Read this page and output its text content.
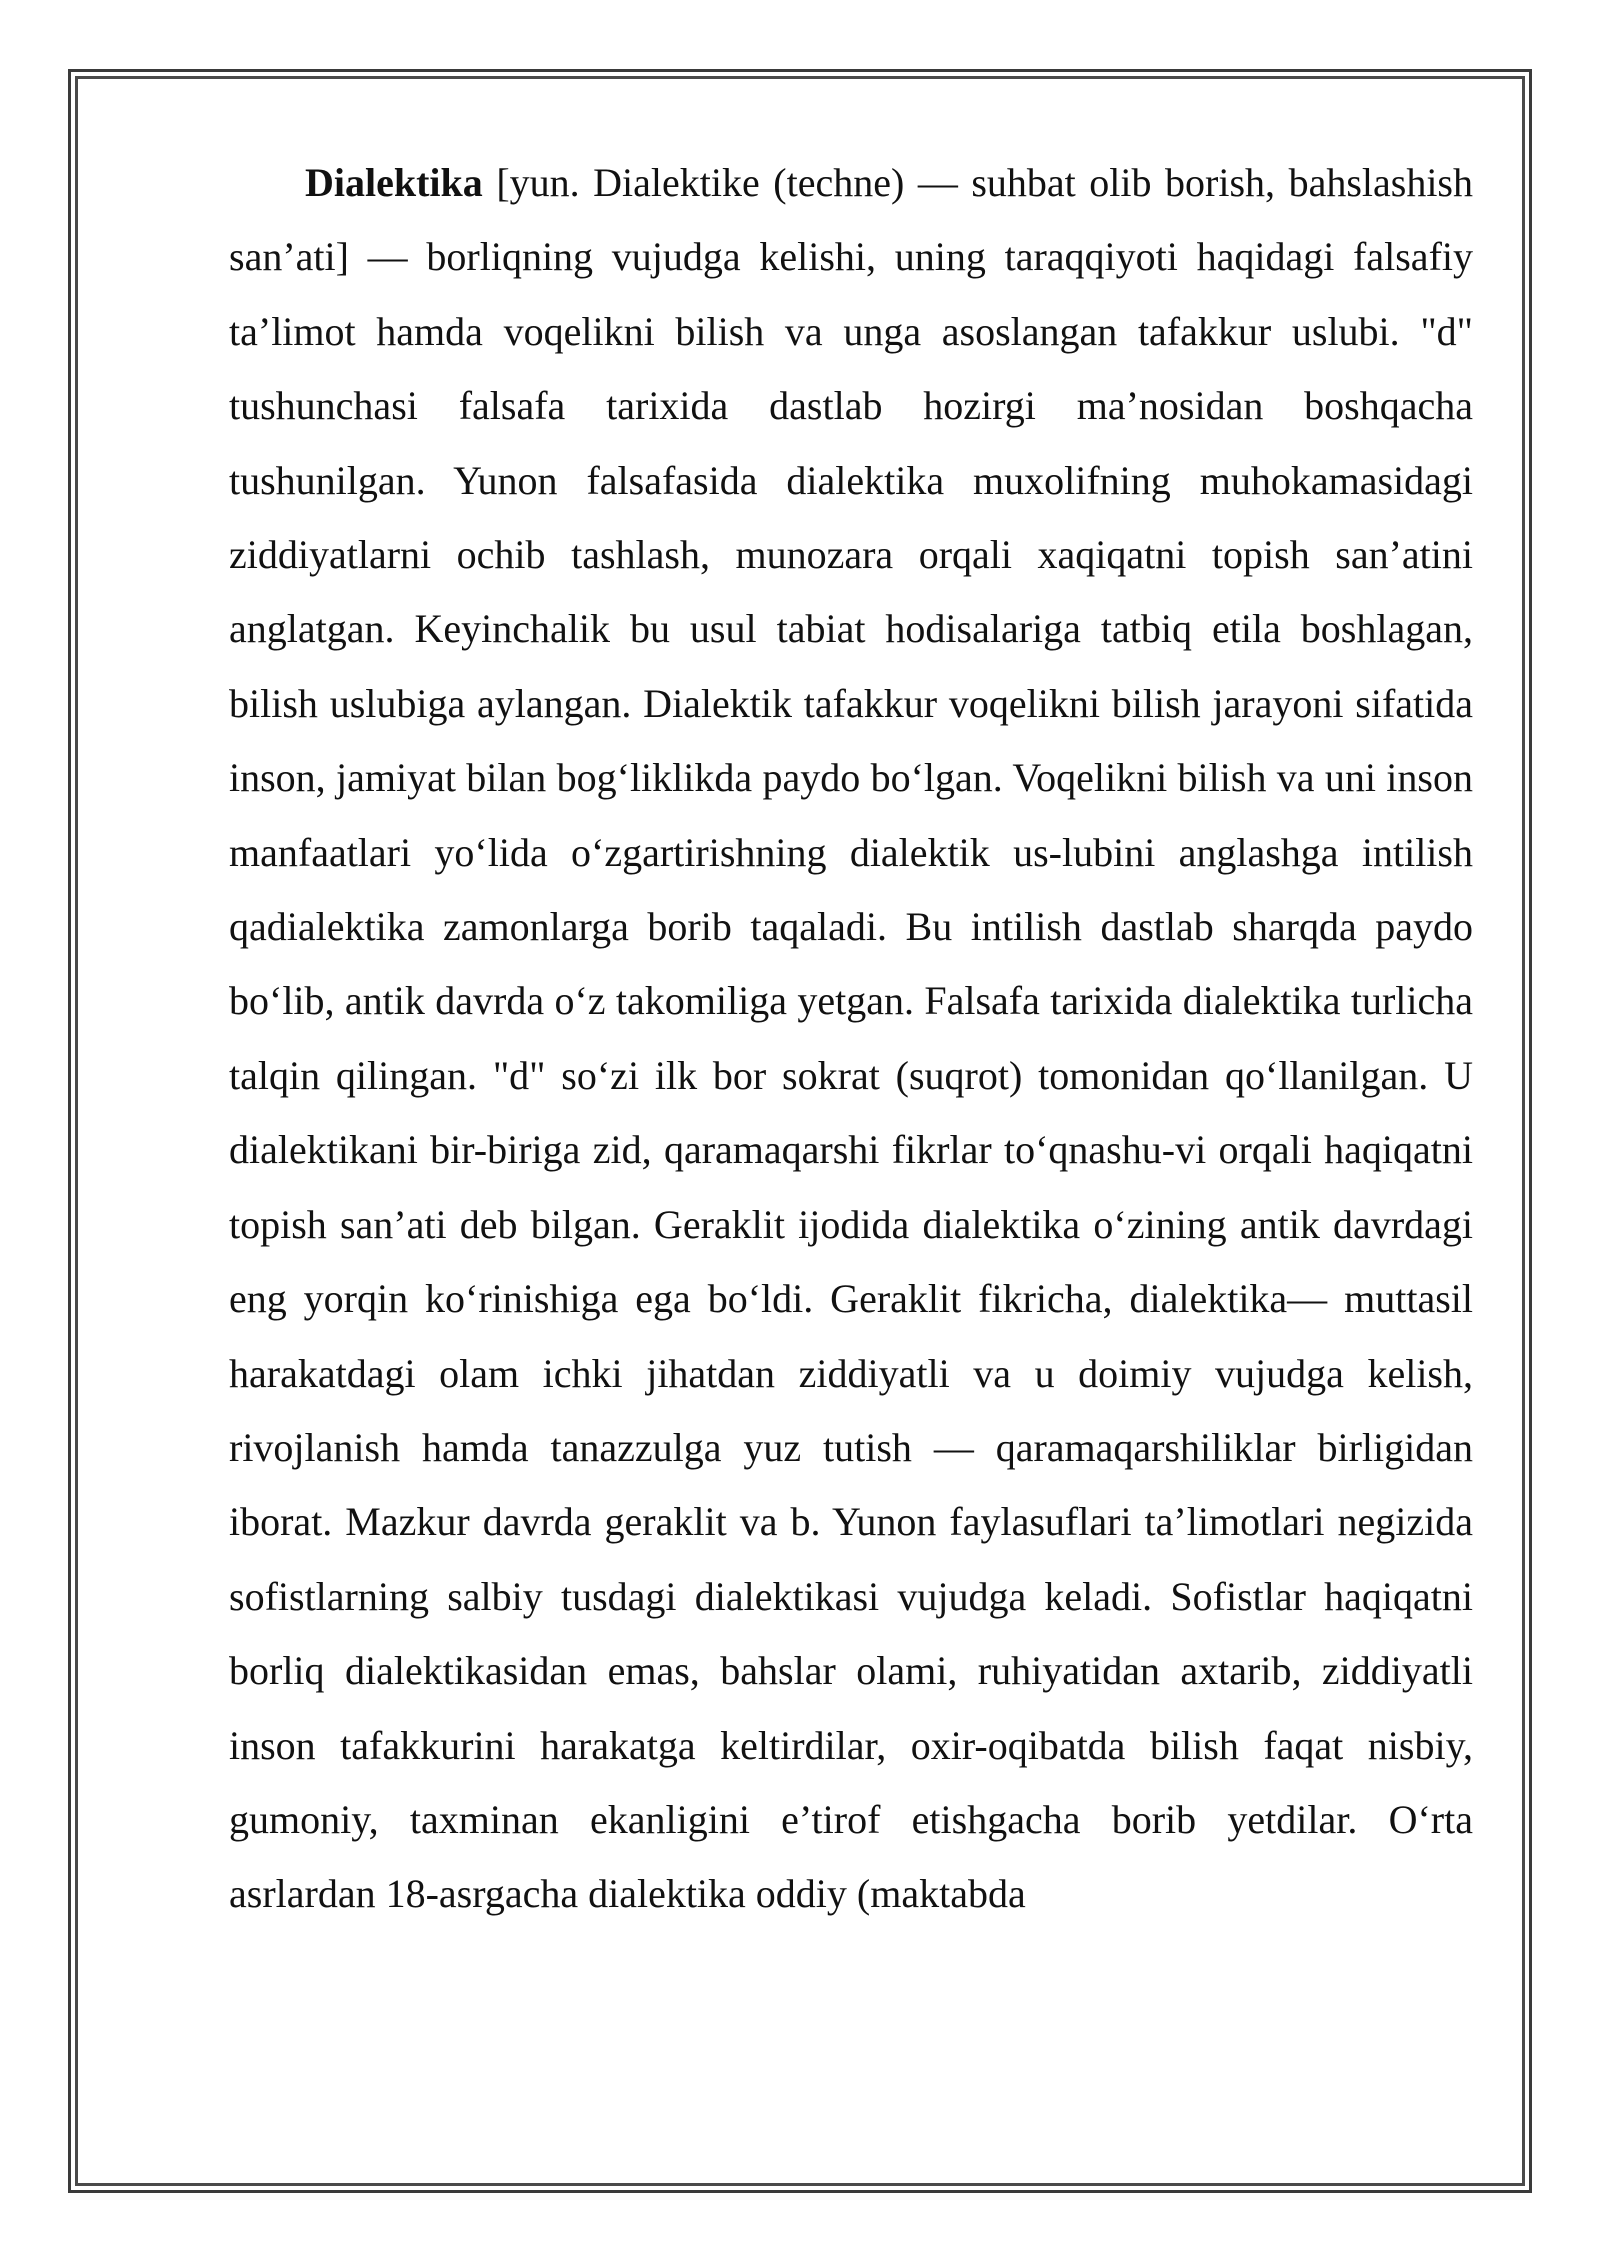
Dialektika [yun. Dialektike (techne) — suhbat olib borish, bahslashish san’ati] — borliqning vujudga kelishi, uning taraqqiyoti haqidagi falsafiy ta’limot hamda voqelikni bilish va unga asoslangan tafakkur uslubi. "d" tushunchasi falsafa tarixida dastlab hozirgi ma’nosidan boshqacha tushunilgan. Yunon falsafasida dialektika muxolifning muhokamasidagi ziddiyatlarni ochib tashlash, munozara orqali xaqiqatni topish san’atini anglatgan. Keyinchalik bu usul tabiat hodisalariga tatbiq etila boshlagan, bilish uslubiga aylangan. Dialektik tafakkur voqelikni bilish jarayoni sifatida inson, jamiyat bilan bog‘liklikda paydo bo‘lgan. Voqelikni bilish va uni inson manfaatlari yo‘lida o‘zgartirishning dialektik us-lubini anglashga intilish qadialektika zamonlarga borib taqaladi. Bu intilish dastlab sharqda paydo bo‘lib, antik davrda o‘z takomiliga yetgan. Falsafa tarixida dialektika turlicha talqin qilingan. "d" so‘zi ilk bor sokrat (suqrot) tomonidan qo‘llanilgan. U dialektikani bir-biriga zid, qaramaqarshi fikrlar to‘qnashu-vi orqali haqiqatni topish san’ati deb bilgan. Geraklit ijodida dialektika o‘zining antik davrdagi eng yorqin ko‘rinishiga ega bo‘ldi. Geraklit fikricha, dialektika— muttasil harakatdagi olam ichki jihatdan ziddiyatli va u doimiy vujudga kelish, rivojlanish hamda tanazzulga yuz tutish — qaramaqarshiliklar birligidan iborat. Mazkur davrda geraklit va b. Yunon faylasuflari ta’limotlari negizida sofistlarning salbiy tusdagi dialektikasi vujudga keladi. Sofistlar haqiqatni borliq dialektikasidan emas, bahslar olami, ruhiyatidan axtarib, ziddiyatli inson tafakkurini harakatga keltirdilar, oxir-oqibatda bilish faqat nisbiy, gumoniy, taxminan ekanligini e’tirof etishgacha borib yetdilar. O‘rta asrlardan 18-asrgacha dialektika oddiy (maktabda
